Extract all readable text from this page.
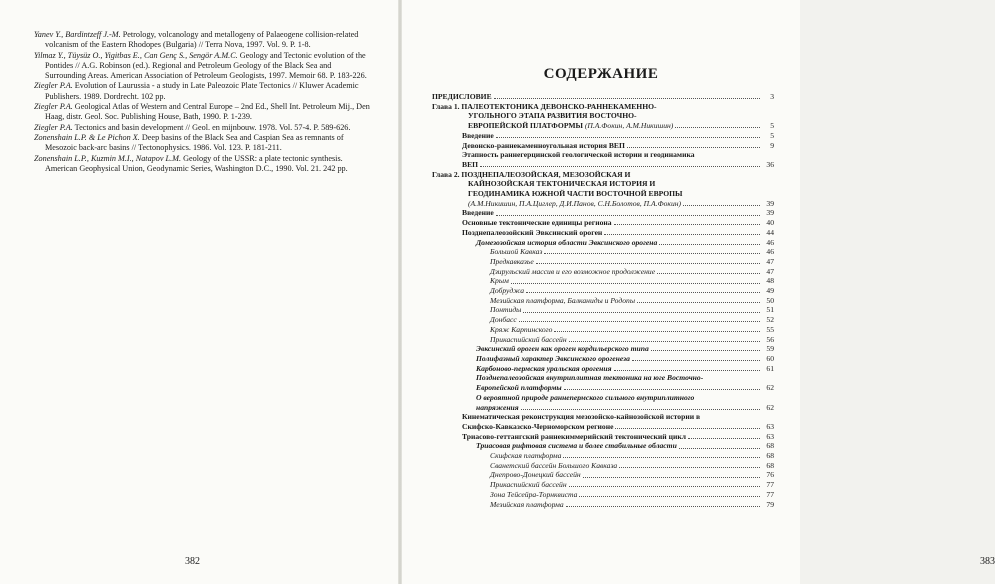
Yanev Y., Bardintzeff J.-M. Petrology, volcanology and metallogeny of Palaeogene collision-related volcanism of the Eastern Rhodopes (Bulgaria) // Terra Nova, 1997. Vol. 9. P. 1-8.
Yilmaz Y., Tüysüz O., Yigitbas E., Can Genç S., Sengör A.M.C. Geology and Tectonic evolution of the Pontides // A.G. Robinson (ed.). Regional and Petroleum Geology of the Black Sea and Surrounding Areas. American Association of Petroleum Geologists, 1997. Memoir 68. P. 183-226.
Ziegler P.A. Evolution of Laurussia - a study in Late Paleozoic Plate Tectonics // Kluwer Academic Publishers. 1989. Dordrecht. 102 pp.
Ziegler P.A. Geological Atlas of Western and Central Europe – 2nd Ed., Shell Int. Petroleum Mij., Den Haag, distr. Geol. Soc. Publishing House, Bath, 1990. P. 1-239.
Ziegler P.A. Tectonics and basin development // Geol. en mijnbouw. 1978. Vol. 57-4. P. 589-626.
Zonenshain L.P. & Le Pichon X. Deep basins of the Black Sea and Caspian Sea as remnants of Mesozoic back-arc basins // Tectonophysics. 1986. Vol. 123. P. 181-211.
Zonenshain L.P., Kuzmin M.I., Natapov L.M. Geology of the USSR: a plate tectonic synthesis. American Geophysical Union, Geodynamic Series, Washington D.C., 1990. Vol. 21. 242 pp.
382
СОДЕРЖАНИЕ
ПРЕДИСЛОВИЕ	3
Глава 1. ПАЛЕОТЕКТОНИКА ДЕВОНСКО-РАННЕКАМЕННО-
УГОЛЬНОГО ЭТАПА РАЗВИТИЯ ВОСТОЧНО-
ЕВРОПЕЙСКОЙ ПЛАТФОРМЫ (П.А.Фокин, А.М.Никишин)	5
Введение	5
Девонско-раннекаменноугольная история ВЕП	9
Этапность раннегерцинской геологической истории и геодинамика
ВЕП	36
Глава 2. ПОЗДНЕПАЛЕОЗОЙСКАЯ, МЕЗОЗОЙСКАЯ И
КАЙНОЗОЙСКАЯ ТЕКТОНИЧЕСКАЯ ИСТОРИЯ И
ГЕОДИНАМИКА ЮЖНОЙ ЧАСТИ ВОСТОЧНОЙ ЕВРОПЫ
(А.М.Никишин, П.А.Циглер, Д.И.Панов, С.Н.Болотов, П.А.Фокин)	39
Введение	39
Основные тектонические единицы региона	40
Позднепалеозойский Эвксинский ороген	44
Домезозойская история области Эвксинского орогена	46
Большой Кавказ	46
Предкавказье	47
Дзирульский массив и его возможное продолжение	47
Крым	48
Добруджа	49
Мезийская платформа, Балканиды и Родопы	50
Понтиды	51
Донбасс	52
Кряж Карпинского	55
Прикаспийский бассейн	56
Эвксинский ороген как ороген кордильерского типа	59
Полифазный характер Эвксинского орогенеза	60
Карбоново-пермская уральская орогения	61
Позднепалеозойская внутриплитная тектоника на юге Восточно-
Европейской платформы	62
О вероятной природе раннепермского сильного внутриплитного
напряжения	62
Кинематическая реконструкция мезозойско-кайнозойской истории в
Скифско-Кавказско-Черноморском регионе	63
Триасово-геттангский раннекиммерийский тектонический цикл	63
Триасовая рифтовая система и более стабильные области	68
Скифская платформа	68
Сванетский бассейн Большого Кавказа	68
Днепрово-Донецкий бассейн	76
Прикаспийский бассейн	77
Зона Тейсейра-Торнквиста	77
Мезийская платформа	79
383
